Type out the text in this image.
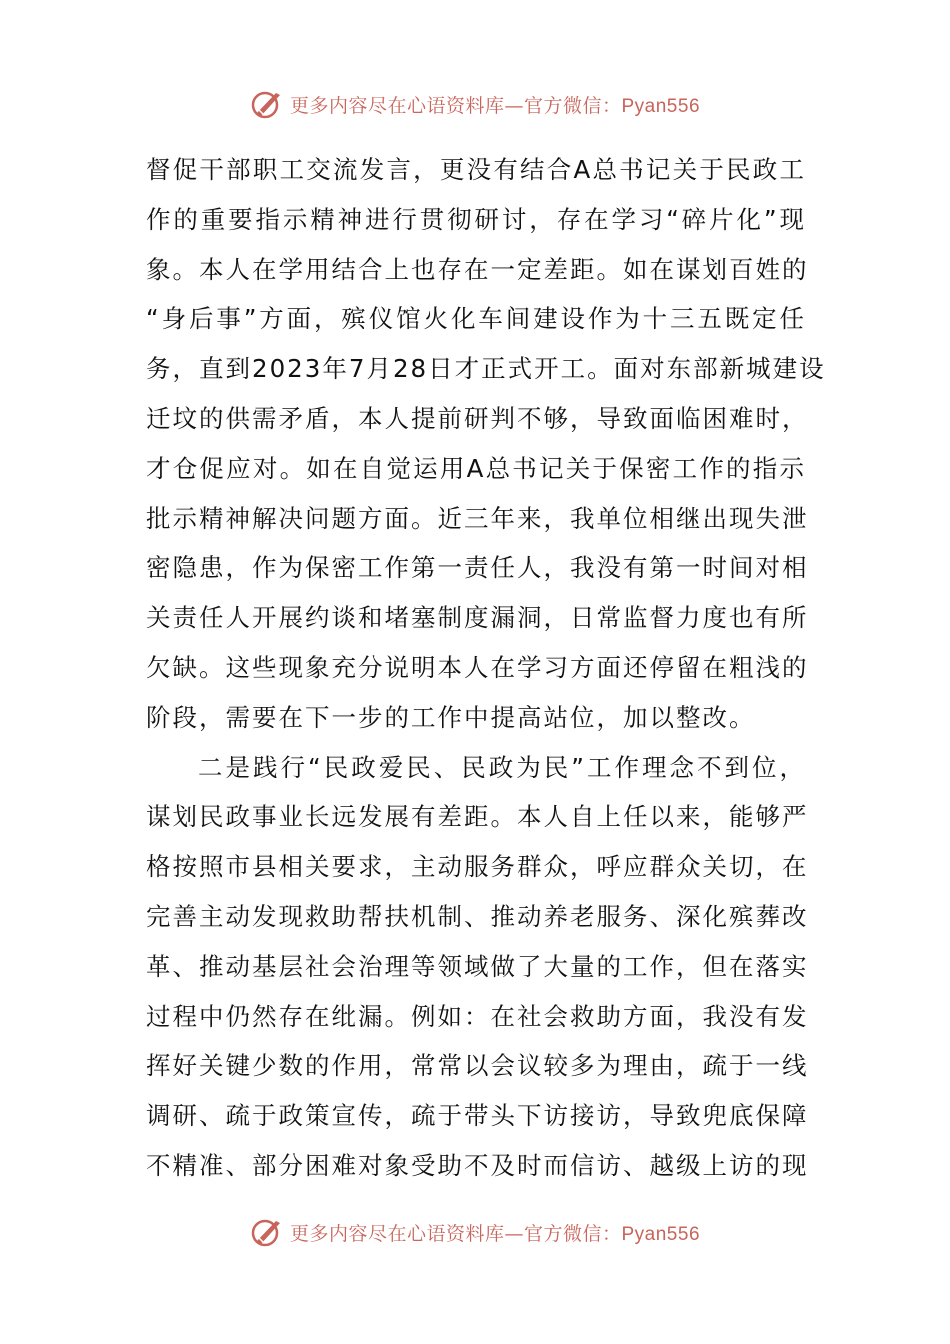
更多内容尽在心语资料库—官方微信：Pyan556
督促干部职工交流发言，更没有结合A总书记关于民政工
作的重要指示精神进行贯彻研讨，存在学习“碎片化”现
象。本人在学用结合上也存在一定差距。如在谋划百姓的
“身后事”方面，殡仪馆火化车间建设作为十三五既定任
务，直到2023年7月28日才正式开工。面对东部新城建设
迁坟的供需矛盾，本人提前研判不够，导致面临困难时，
才仓促应对。如在自觉运用A总书记关于保密工作的指示
批示精神解决问题方面。近三年来，我单位相继出现失泄
密隐患，作为保密工作第一责任人，我没有第一时间对相
关责任人开展约谈和堵塞制度漏洞，日常监督力度也有所
欠缺。这些现象充分说明本人在学习方面还停留在粗浅的
阶段，需要在下一步的工作中提高站位，加以整改。
二是践行“民政爱民、民政为民”工作理念不到位，
谋划民政事业长远发展有差距。本人自上任以来，能够严
格按照市县相关要求，主动服务群众，呼应群众关切，在
完善主动发现救助帮扶机制、推动养老服务、深化殡葬改
革、推动基层社会治理等领域做了大量的工作，但在落实
过程中仍然存在纰漏。例如：在社会救助方面，我没有发
挥好关键少数的作用，常常以会议较多为理由，疏于一线
调研、疏于政策宣传，疏于带头下访接访，导致兜底保障
不精准、部分困难对象受助不及时而信访、越级上访的现
更多内容尽在心语资料库—官方微信：Pyan556
